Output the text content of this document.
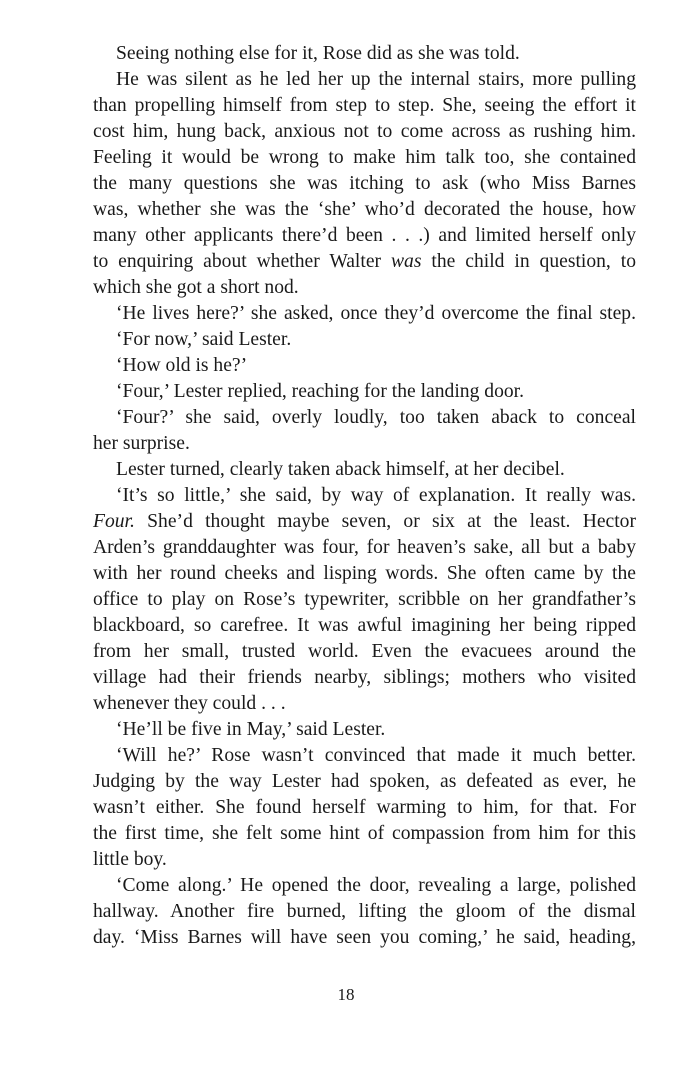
Seeing nothing else for it, Rose did as she was told.
He was silent as he led her up the internal stairs, more pulling
than propelling himself from step to step. She, seeing the effort it
cost him, hung back, anxious not to come across as rushing him.
Feeling it would be wrong to make him talk too, she contained
the many questions she was itching to ask (who Miss Barnes
was, whether she was the ‘she’ who’d decorated the house, how
many other applicants there’d been . . .) and limited herself only
to enquiring about whether Walter was the child in question, to
which she got a short nod.
‘He lives here?’ she asked, once they’d overcome the final step.
‘For now,’ said Lester.
‘How old is he?’
‘Four,’ Lester replied, reaching for the landing door.
‘Four?’ she said, overly loudly, too taken aback to conceal
her surprise.
Lester turned, clearly taken aback himself, at her decibel.
‘It’s so little,’ she said, by way of explanation. It really was.
Four. She’d thought maybe seven, or six at the least. Hector
Arden’s granddaughter was four, for heaven’s sake, all but a baby
with her round cheeks and lisping words. She often came by the
office to play on Rose’s typewriter, scribble on her grandfather’s
blackboard, so carefree. It was awful imagining her being ripped
from her small, trusted world. Even the evacuees around the
village had their friends nearby, siblings; mothers who visited
whenever they could . . .
‘He’ll be five in May,’ said Lester.
‘Will he?’ Rose wasn’t convinced that made it much better.
Judging by the way Lester had spoken, as defeated as ever, he
wasn’t either. She found herself warming to him, for that. For
the first time, she felt some hint of compassion from him for this
little boy.
‘Come along.’ He opened the door, revealing a large, polished
hallway. Another fire burned, lifting the gloom of the dismal
day. ‘Miss Barnes will have seen you coming,’ he said, heading,
18
